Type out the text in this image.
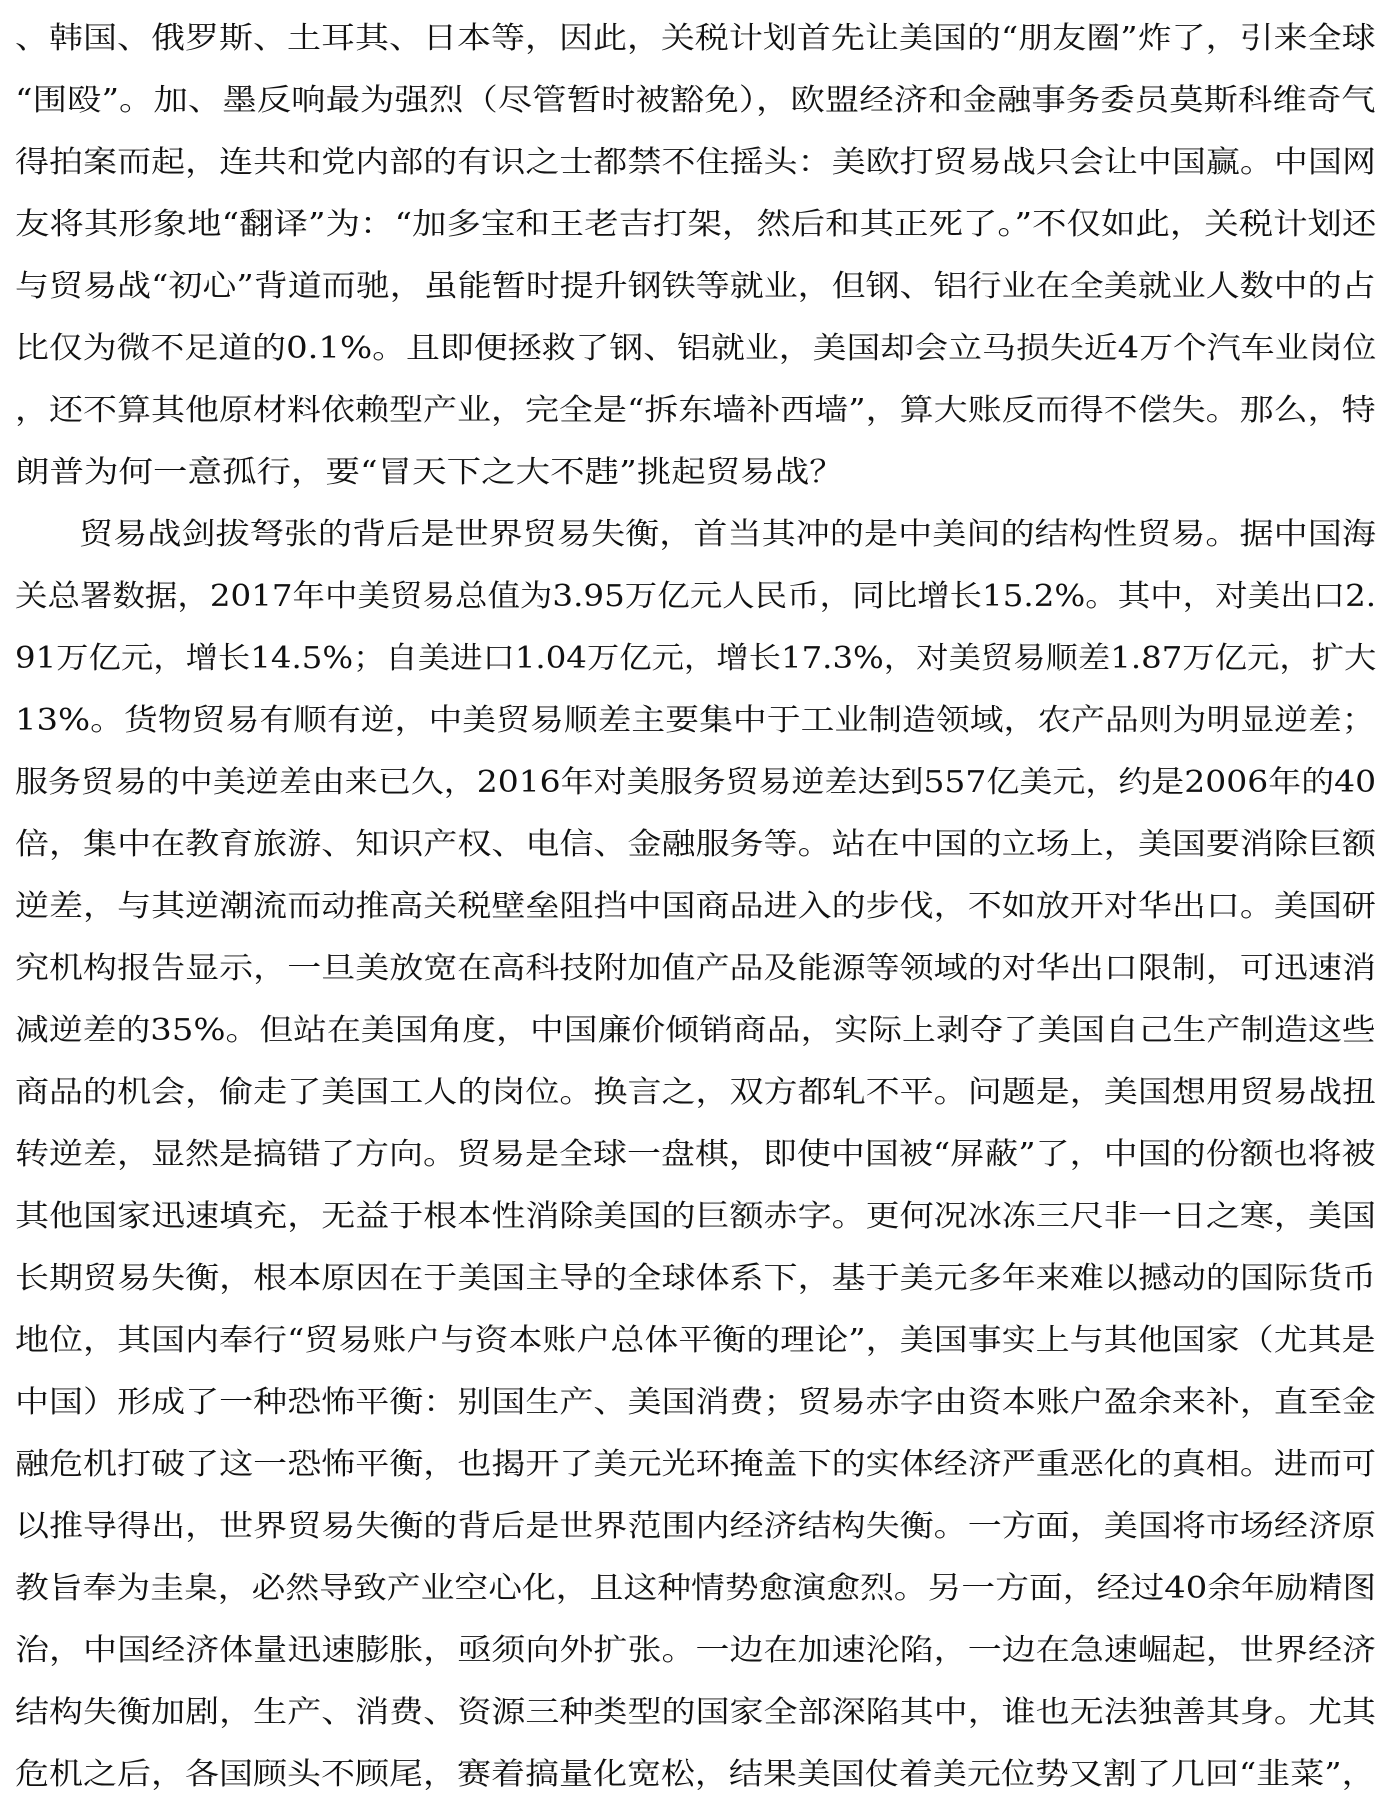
、韩国、俄罗斯、土耳其、日本等，因此，关税计划首先让美国的“朋友圈”炸了，引来全球
“围殴”。加、墨反响最为强烈（尽管暂时被豁免），欧盟经济和金融事务委员莫斯科维奇气
得拍案而起，连共和党内部的有识之士都禁不住摇头：美欧打贸易战只会让中国赢。中国网
友将其形象地“翻译”为：“加多宝和王老吉打架，然后和其正死了。”不仅如此，关税计划还
与贸易战“初心”背道而驰，虽能暂时提升钢铁等就业，但钢、铝行业在全美就业人数中的占
比仅为微不足道的0.1%。且即便拯救了钢、铝就业，美国却会立马损失近4万个汽车业岗位
，还不算其他原材料依赖型产业，完全是“拆东墙补西墙”，算大账反而得不偿失。那么，特
朗普为何一意孤行，要“冒天下之大不韪”挑起贸易战？
贸易战剑拔弩张的背后是世界贸易失衡，首当其冲的是中美间的结构性贸易。据中国海
关总署数据，2017年中美贸易总值为3.95万亿元人民币，同比增长15.2%。其中，对美出口2.
91万亿元，增长14.5%；自美进口1.04万亿元，增长17.3%，对美贸易顺差1.87万亿元，扩大
13%。货物贸易有顺有逆，中美贸易顺差主要集中于工业制造领域，农产品则为明显逆差；
服务贸易的中美逆差由来已久，2016年对美服务贸易逆差达到557亿美元，约是2006年的40
倍，集中在教育旅游、知识产权、电信、金融服务等。站在中国的立场上，美国要消除巨额
逆差，与其逆潮流而动推高关税壁垒阻挡中国商品进入的步伐，不如放开对华出口。美国研
究机构报告显示，一旦美放宽在高科技附加值产品及能源等领域的对华出口限制，可迅速消
减逆差的35%。但站在美国角度，中国廉价倾销商品，实际上剥夺了美国自己生产制造这些
商品的机会，偷走了美国工人的岗位。换言之，双方都轧不平。问题是，美国想用贸易战扭
转逆差，显然是搞错了方向。贸易是全球一盘棋，即使中国被“屏蔽”了，中国的份额也将被
其他国家迅速填充，无益于根本性消除美国的巨额赤字。更何况冰冻三尺非一日之寒，美国
长期贸易失衡，根本原因在于美国主导的全球体系下，基于美元多年来难以撼动的国际货币
地位，其国内奉行“贸易账户与资本账户总体平衡的理论”，美国事实上与其他国家（尤其是
中国）形成了一种恐怖平衡：别国生产、美国消费；贸易赤字由资本账户盈余来补，直至金
融危机打破了这一恐怖平衡，也揭开了美元光环掩盖下的实体经济严重恶化的真相。进而可
以推导得出，世界贸易失衡的背后是世界范围内经济结构失衡。一方面，美国将市场经济原
教旨奉为圭臬，必然导致产业空心化，且这种情势愈演愈烈。另一方面，经过40余年励精图
治，中国经济体量迅速膨胀，亟须向外扩张。一边在加速沦陷，一边在急速崛起，世界经济
结构失衡加剧，生产、消费、资源三种类型的国家全部深陷其中，谁也无法独善其身。尤其
危机之后，各国顾头不顾尾，赛着搞量化宽松，结果美国仗着美元位势又割了几回“韭菜”，
